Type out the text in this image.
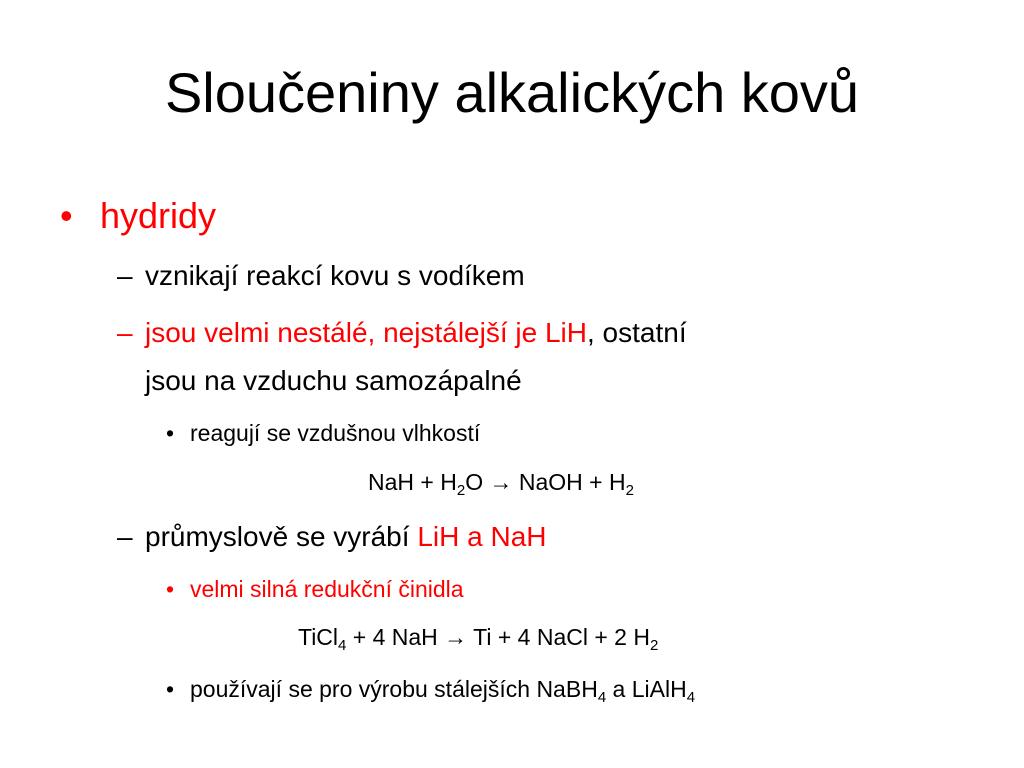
Sloučeniny alkalických kovů
• hydridy
– vznikají reakcí kovu s vodíkem
– jsou velmi nestálé, nejstálejší je LiH, ostatní
jsou na vzduchu samozápalné
• reagují se vzdušnou vlhkostí
NaH + $H_2O$ → NaOH + $H_2$
– průmyslově se vyrábí LiH a NaH
• velmi silná redukční činidla
TiCl$_4$ + 4 NaH → Ti + 4 NaCl + 2 $H_2$
• používají se pro výrobu stálejších NaBH$_4$ a LiAlH$_4$
